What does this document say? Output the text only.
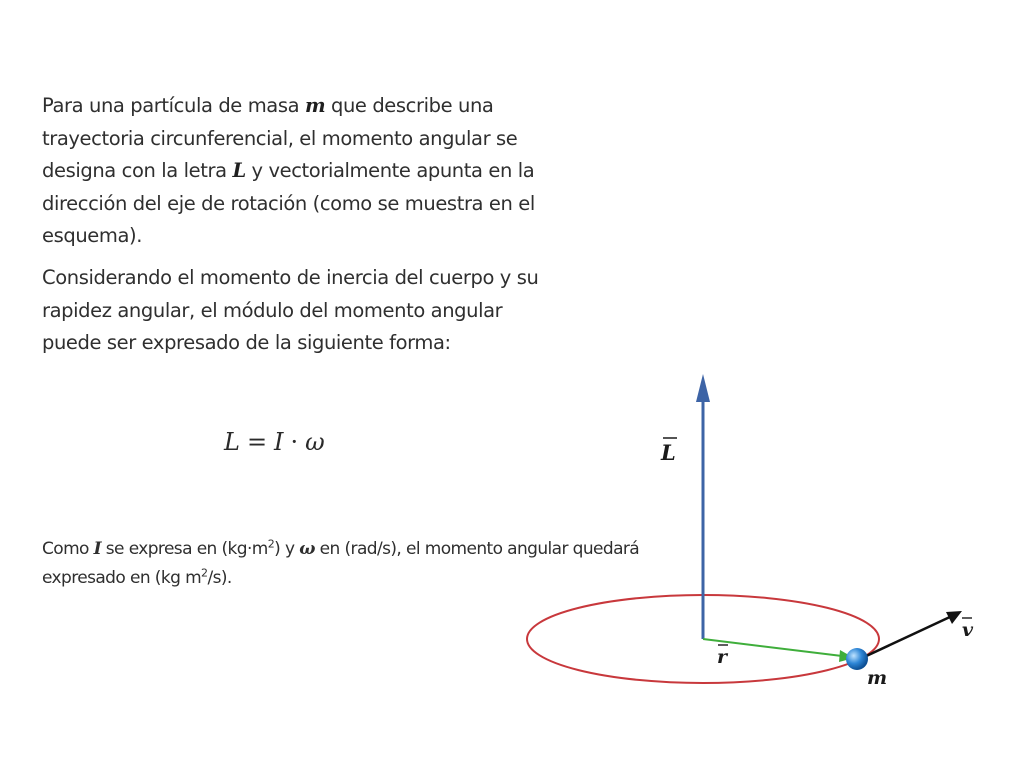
Para una partícula de masa m que describe una trayectoria circunferencial, el momento angular se designa con la letra L y vectorialmente apunta en la dirección del eje de rotación (como se muestra en el esquema).

Considerando el momento de inercia del cuerpo y su rapidez angular, el módulo del momento angular puede ser expresado de la siguiente forma:

L = I · ω

Como I se expresa en $(kg\cdot m^2)$ y ω en (rad/s), el momento angular quedará expresado en (kg $m^2/s$).

L
v
r
m
